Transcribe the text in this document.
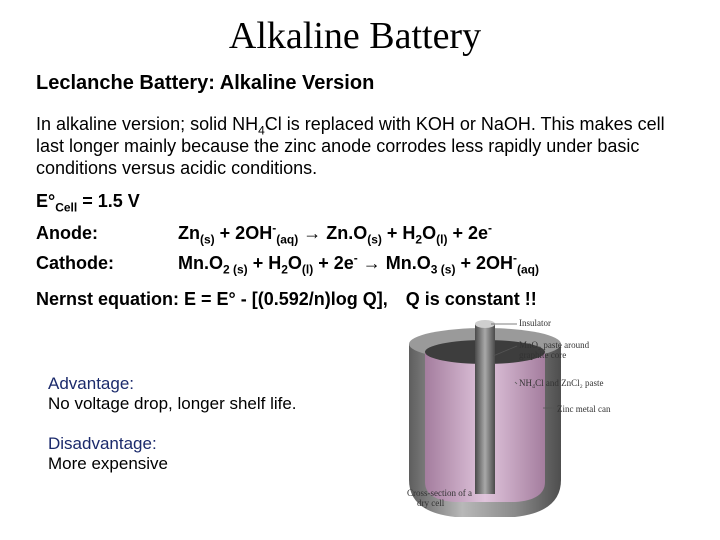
Alkaline Battery
Leclanche Battery: Alkaline Version
In alkaline version; solid $NH_4Cl$ is replaced with KOH or NaOH. This makes cell last longer mainly because the zinc anode corrodes less rapidly under basic conditions versus acidic conditions.
$E^\circ_{Cell} = 1.5$ V
Anode:	$Zn_{(s)} + 2OH^-_{(aq)} \to Zn.O_{(s)} + H_2O_{(l)} + 2e^-$
Cathode:	$Mn.O_{2 (s)} + H_2O_{(l)} + 2e^- \to Mn.O_{3 (s)} + 2OH^-_{(aq)}$
Nernst equation: E = E° - [(0.592/n)log Q], Q is constant !!
Insulator
MnO₂ paste around
graphite core
NH₄Cl and ZnCl₂ paste
Zinc metal can
Cross-section of a
dry cell
Advantage:
No voltage drop, longer shelf life.
Disadvantage:
More expensive
